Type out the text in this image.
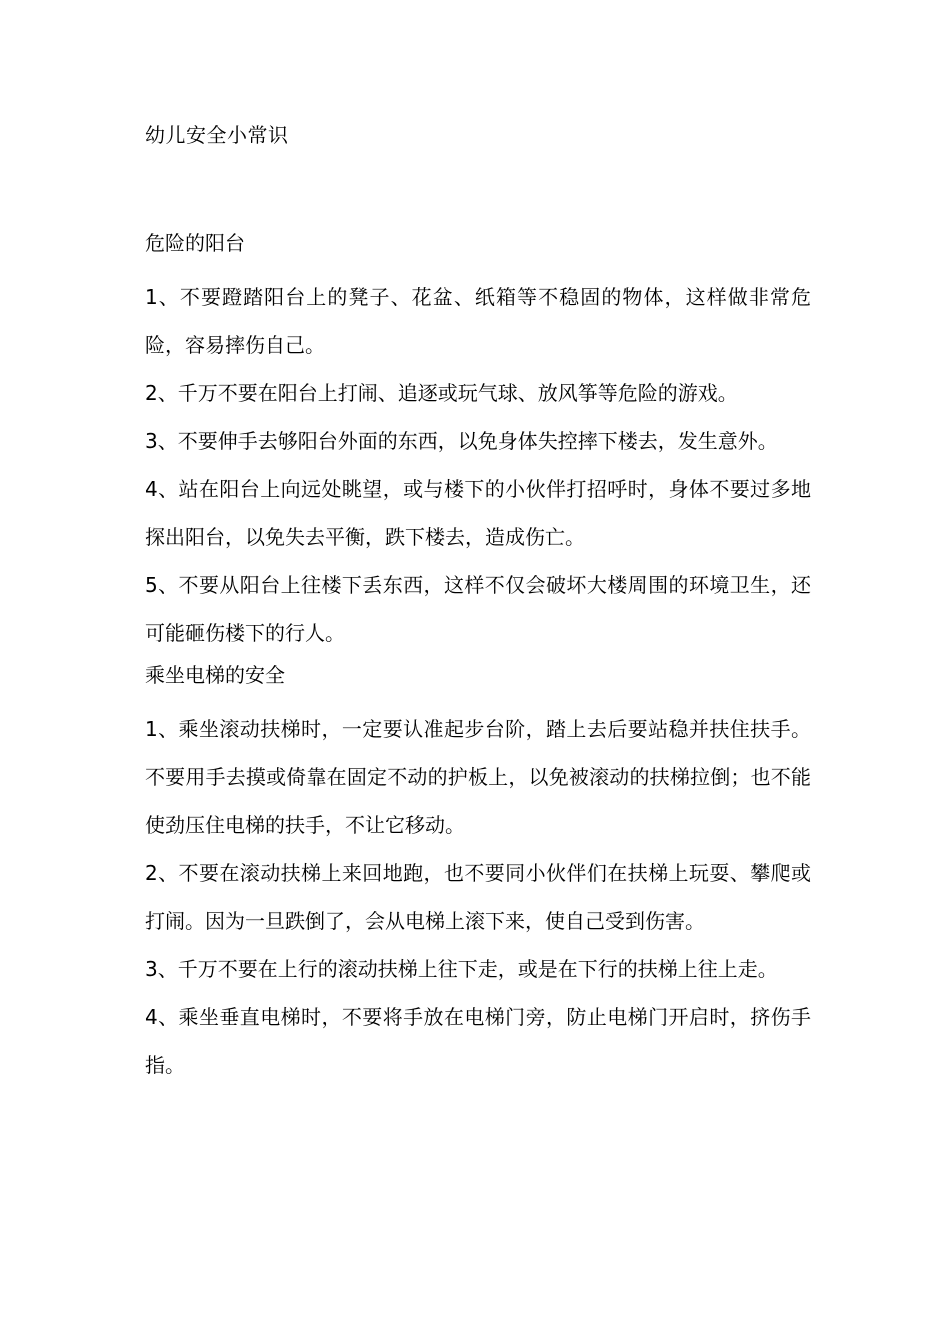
幼儿安全小常识
危险的阳台

1、不要蹬踏阳台上的凳子、花盆、纸箱等不稳固的物体，这样做非常危险，容易摔伤自己。

2、千万不要在阳台上打闹、追逐或玩气球、放风筝等危险的游戏。

3、不要伸手去够阳台外面的东西，以免身体失控摔下楼去，发生意外。

4、站在阳台上向远处眺望，或与楼下的小伙伴打招呼时，身体不要过多地探出阳台，以免失去平衡，跌下楼去，造成伤亡。

5、不要从阳台上往楼下丢东西，这样不仅会破坏大楼周围的环境卫生，还可能砸伤楼下的行人。

乘坐电梯的安全

1、乘坐滚动扶梯时，一定要认准起步台阶，踏上去后要站稳并扶住扶手。不要用手去摸或倚靠在固定不动的护板上，以免被滚动的扶梯拉倒；也不能使劲压住电梯的扶手，不让它移动。

2、不要在滚动扶梯上来回地跑，也不要同小伙伴们在扶梯上玩耍、攀爬或打闹。因为一旦跌倒了，会从电梯上滚下来，使自己受到伤害。

3、千万不要在上行的滚动扶梯上往下走，或是在下行的扶梯上往上走。

4、乘坐垂直电梯时，不要将手放在电梯门旁，防止电梯门开启时，挤伤手指。
